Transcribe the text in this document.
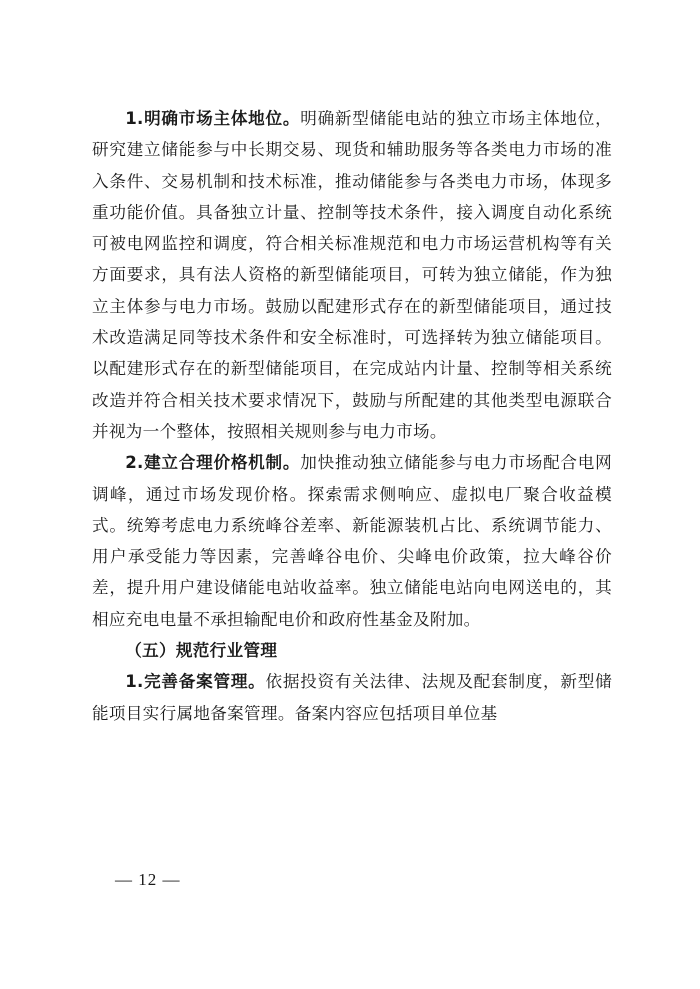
1.明确市场主体地位。明确新型储能电站的独立市场主体地位，研究建立储能参与中长期交易、现货和辅助服务等各类电力市场的准入条件、交易机制和技术标准，推动储能参与各类电力市场，体现多重功能价值。具备独立计量、控制等技术条件，接入调度自动化系统可被电网监控和调度，符合相关标准规范和电力市场运营机构等有关方面要求，具有法人资格的新型储能项目，可转为独立储能，作为独立主体参与电力市场。鼓励以配建形式存在的新型储能项目，通过技术改造满足同等技术条件和安全标准时，可选择转为独立储能项目。以配建形式存在的新型储能项目，在完成站内计量、控制等相关系统改造并符合相关技术要求情况下，鼓励与所配建的其他类型电源联合并视为一个整体，按照相关规则参与电力市场。

2.建立合理价格机制。加快推动独立储能参与电力市场配合电网调峰，通过市场发现价格。探索需求侧响应、虚拟电厂聚合收益模式。统筹考虑电力系统峰谷差率、新能源装机占比、系统调节能力、用户承受能力等因素，完善峰谷电价、尖峰电价政策，拉大峰谷价差，提升用户建设储能电站收益率。独立储能电站向电网送电的，其相应充电电量不承担输配电价和政府性基金及附加。

（五）规范行业管理

1.完善备案管理。依据投资有关法律、法规及配套制度，新型储能项目实行属地备案管理。备案内容应包括项目单位基

— 12 —
